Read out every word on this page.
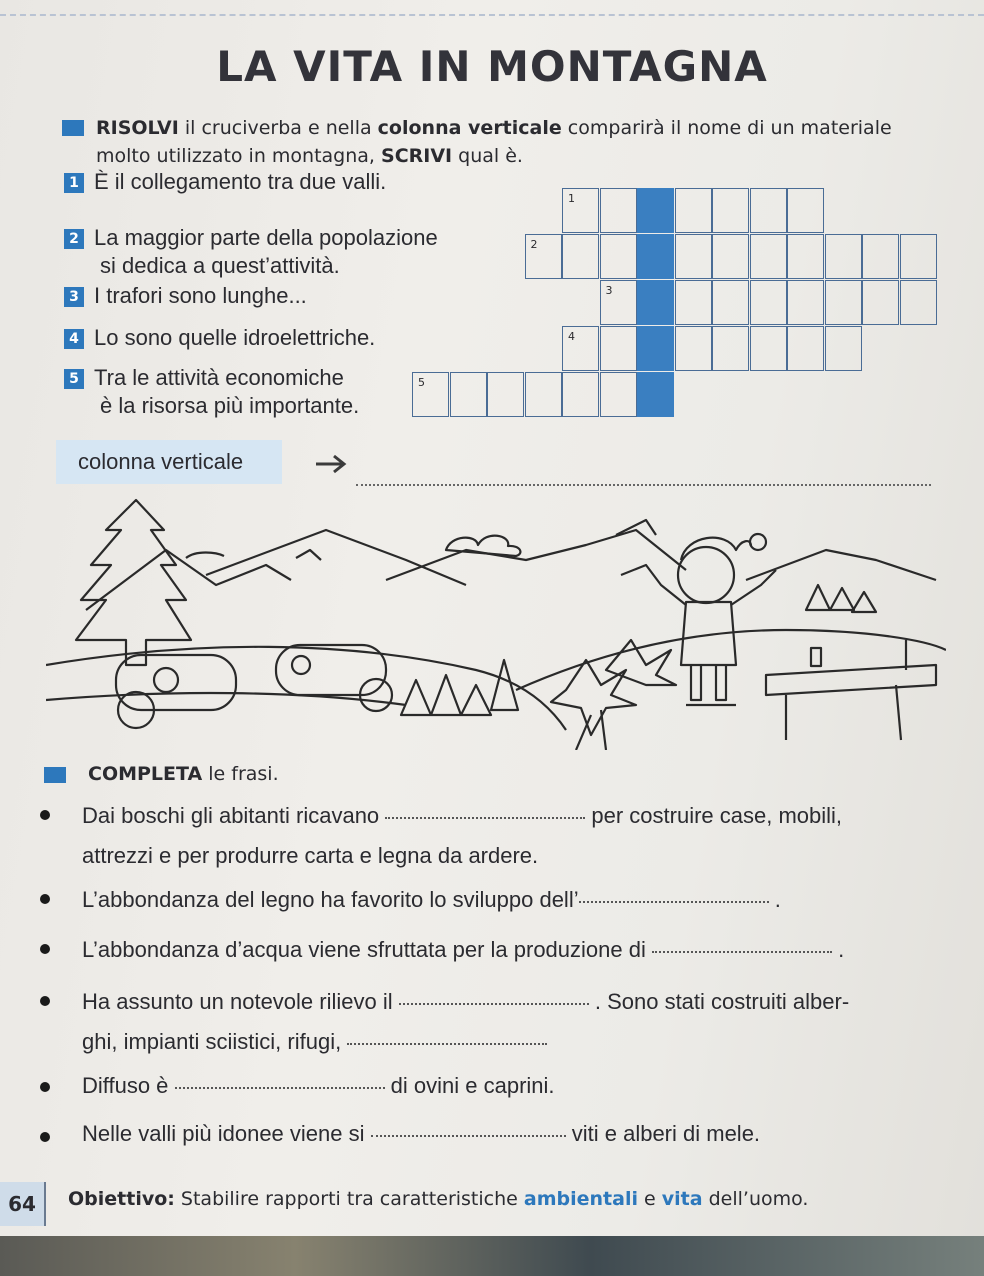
LA VITA IN MONTAGNA
RISOLVI il cruciverba e nella colonna verticale comparirà il nome di un materiale molto utilizzato in montagna, SCRIVI qual è.
1 È il collegamento tra due valli.
2 La maggior parte della popolazione
si dedica a quest’attività.
3 I trafori sono lunghe...
4 Lo sono quelle idroelettriche.
5 Tra le attività economiche
è la risorsa più importante.
1
2
3
4
5
colonna verticale
COMPLETA le frasi.
Dai boschi gli abitanti ricavano	per costruire case, mobili,
attrezzi e per produrre carta e legna da ardere.
L’abbondanza del legno ha favorito lo sviluppo dell’	.
L’abbondanza d’acqua viene sfruttata per la produzione di	.
Ha assunto un notevole rilievo il	. Sono stati costruiti alber-
ghi, impianti sciistici, rifugi,
Diffuso è	di ovini e caprini.
Nelle valli più idonee viene si	viti e alberi di mele.
64	Obiettivo: Stabilire rapporti tra caratteristiche ambientali e vita dell’uomo.
